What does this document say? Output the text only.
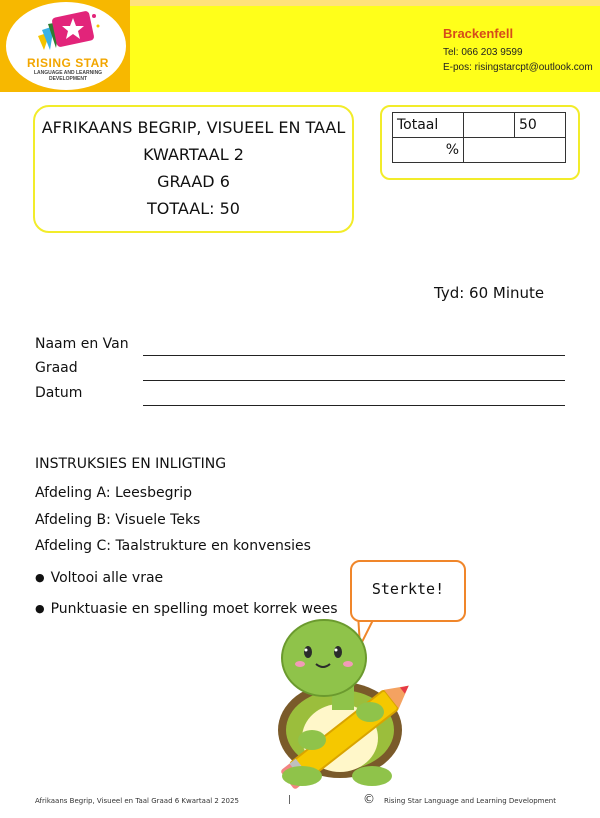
RISING STAR
LANGUAGE AND LEARNING DEVELOPMENT
Brackenfell
Tel: 066 203 9599
E-pos: risingstarcpt@outlook.com
AFRIKAANS BEGRIP, VISUEEL EN TAAL
KWARTAAL 2
GRAAD 6
TOTAAL: 50
Totaal		50
%		
Tyd: 60 Minute
Naam en Van
Graad
Datum
INSTRUKSIES EN INLIGTING
Afdeling A: Leesbegrip
Afdeling B: Visuele Teks
Afdeling C: Taalstrukture en konvensies
● Voltooi alle vrae
● Punktuasie en spelling moet korrek wees
Sterkte!
Afrikaans Begrip, Visueel en Taal Graad 6 Kwartaal 2 2025	|	© Rising Star Language and Learning Development
